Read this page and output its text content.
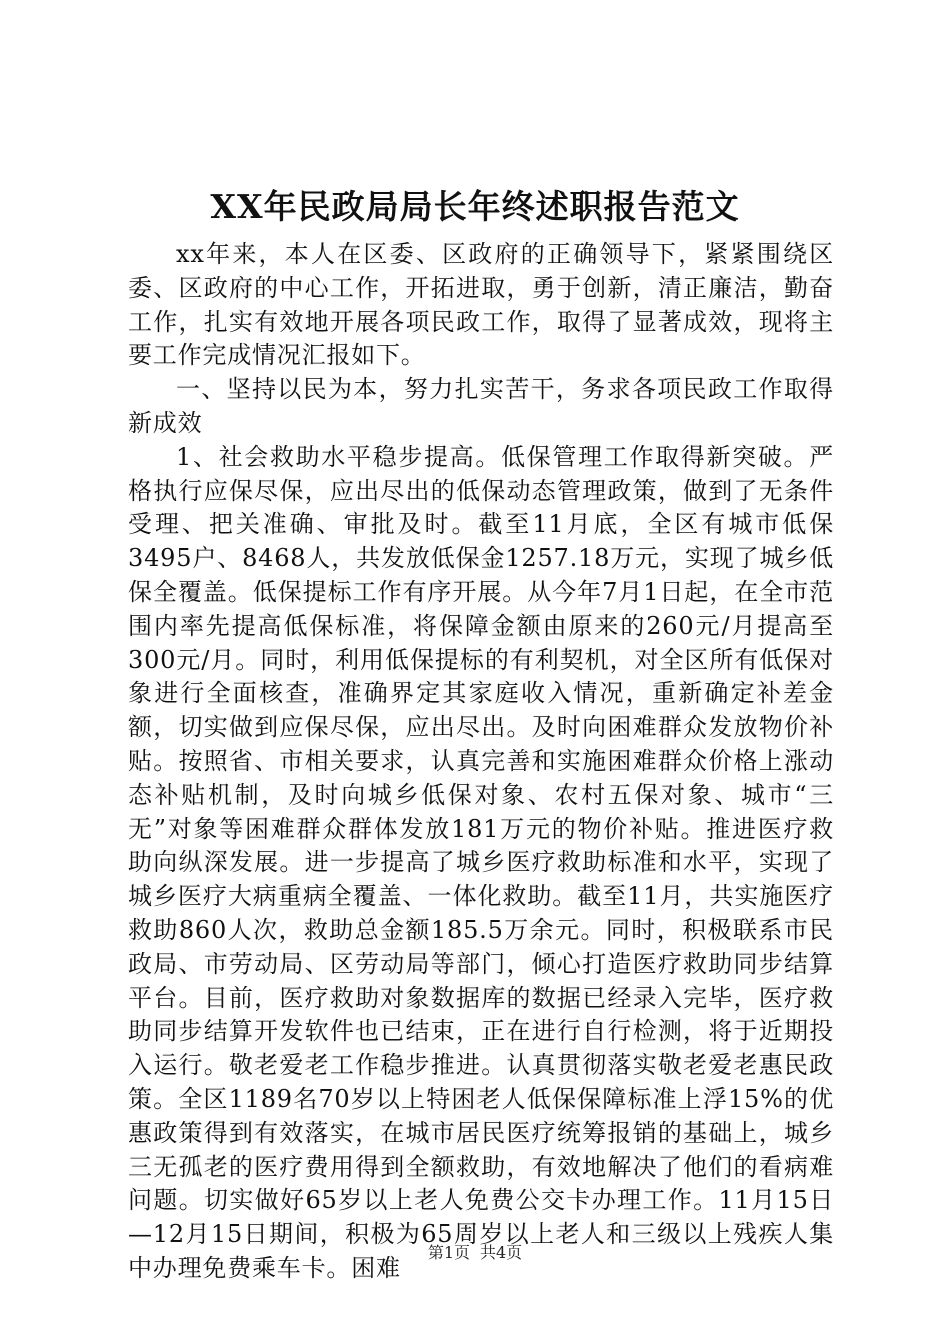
XX年民政局局长年终述职报告范文

xx年来，本人在区委、区政府的正确领导下，紧紧围绕区委、区政府的中心工作，开拓进取，勇于创新，清正廉洁，勤奋工作，扎实有效地开展各项民政工作，取得了显著成效，现将主要工作完成情况汇报如下。

一、坚持以民为本，努力扎实苦干，务求各项民政工作取得新成效

1、社会救助水平稳步提高。低保管理工作取得新突破。严格执行应保尽保，应出尽出的低保动态管理政策，做到了无条件受理、把关准确、审批及时。截至11月底，全区有城市低保3495户、8468人，共发放低保金1257.18万元，实现了城乡低保全覆盖。低保提标工作有序开展。从今年7月1日起，在全市范围内率先提高低保标准，将保障金额由原来的260元/月提高至300元/月。同时，利用低保提标的有利契机，对全区所有低保对象进行全面核查，准确界定其家庭收入情况，重新确定补差金额，切实做到应保尽保，应出尽出。及时向困难群众发放物价补贴。按照省、市相关要求，认真完善和实施困难群众价格上涨动态补贴机制，及时向城乡低保对象、农村五保对象、城市“三无”对象等困难群众群体发放181万元的物价补贴。推进医疗救助向纵深发展。进一步提高了城乡医疗救助标准和水平，实现了城乡医疗大病重病全覆盖、一体化救助。截至11月，共实施医疗救助860人次，救助总金额185.5万余元。同时，积极联系市民政局、市劳动局、区劳动局等部门，倾心打造医疗救助同步结算平台。目前，医疗救助对象数据库的数据已经录入完毕，医疗救助同步结算开发软件也已结束，正在进行自行检测，将于近期投入运行。敬老爱老工作稳步推进。认真贯彻落实敬老爱老惠民政策。全区1189名70岁以上特困老人低保保障标准上浮15%的优惠政策得到有效落实，在城市居民医疗统筹报销的基础上，城乡三无孤老的医疗费用得到全额救助，有效地解决了他们的看病难问题。切实做好65岁以上老人免费公交卡办理工作。11月15日—12月15日期间，积极为65周岁以上老人和三级以上残疾人集中办理免费乘车卡。困难

第1页 共4页
